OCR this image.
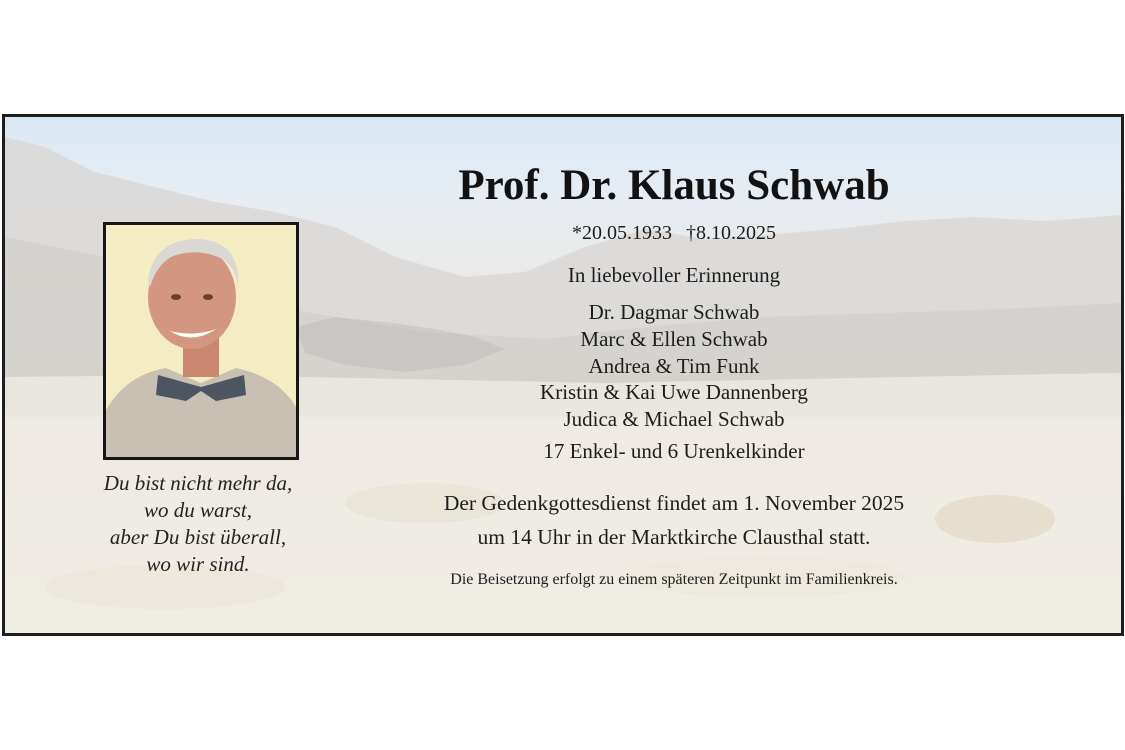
Du bist nicht mehr da,
wo du warst,
aber Du bist überall,
wo wir sind.
Prof. Dr. Klaus Schwab
*20.05.1933 †8.10.2025
In liebevoller Erinnerung
Dr. Dagmar Schwab
Marc & Ellen Schwab
Andrea & Tim Funk
Kristin & Kai Uwe Dannenberg
Judica & Michael Schwab
17 Enkel- und 6 Urenkelkinder
Der Gedenkgottesdienst findet am 1. November 2025
um 14 Uhr in der Marktkirche Clausthal statt.
Die Beisetzung erfolgt zu einem späteren Zeitpunkt im Familienkreis.
